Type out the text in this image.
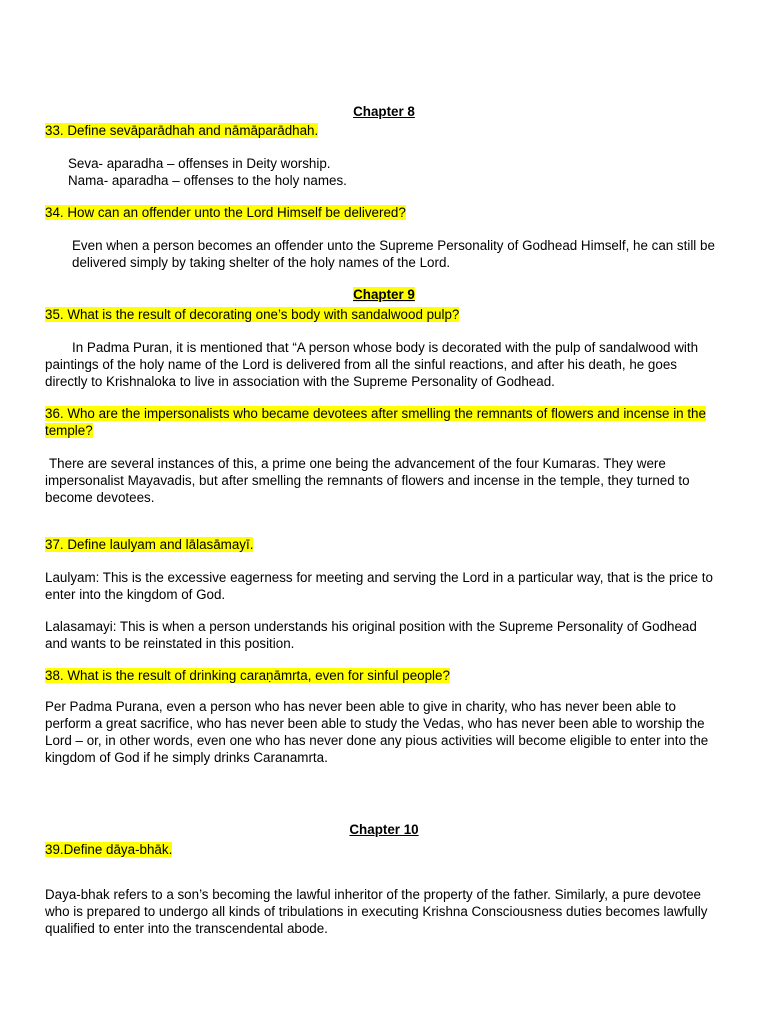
Chapter 8
33. Define sevāparādhah and nāmāparādhah.
Seva- aparadha – offenses in Deity worship.
Nama- aparadha – offenses to the holy names.
34. How can an offender unto the Lord Himself be delivered?
Even when a person becomes an offender unto the Supreme Personality of Godhead Himself, he can still be delivered simply by taking shelter of the holy names of the Lord.
Chapter 9
35. What is the result of decorating one’s body with sandalwood pulp?
In Padma Puran, it is mentioned that “A person whose body is decorated with the pulp of sandalwood with paintings of the holy name of the Lord is delivered from all the sinful reactions, and after his death, he goes directly to Krishnaloka to live in association with the Supreme Personality of Godhead.
36. Who are the impersonalists who became devotees after smelling the remnants of flowers and incense in the temple?
There are several instances of this, a prime one being the advancement of the four Kumaras. They were impersonalist Mayavadis, but after smelling the remnants of flowers and incense in the temple, they turned to become devotees.
37. Define laulyam and lālasāmayī.
Laulyam: This is the excessive eagerness for meeting and serving the Lord in a particular way, that is the price to enter into the kingdom of God.
Lalasamayi: This is when a person understands his original position with the Supreme Personality of Godhead and wants to be reinstated in this position.
38. What is the result of drinking caraṇāmrta, even for sinful people?
Per Padma Purana, even a person who has never been able to give in charity, who has never been able to perform a great sacrifice, who has never been able to study the Vedas, who has never been able to worship the Lord – or, in other words, even one who has never done any pious activities will become eligible to enter into the kingdom of God if he simply drinks Caranamrta.
Chapter 10
39.Define dāya-bhāk.
Daya-bhak refers to a son’s becoming the lawful inheritor of the property of the father. Similarly, a pure devotee who is prepared to undergo all kinds of tribulations in executing Krishna Consciousness duties becomes lawfully qualified to enter into the transcendental abode.
